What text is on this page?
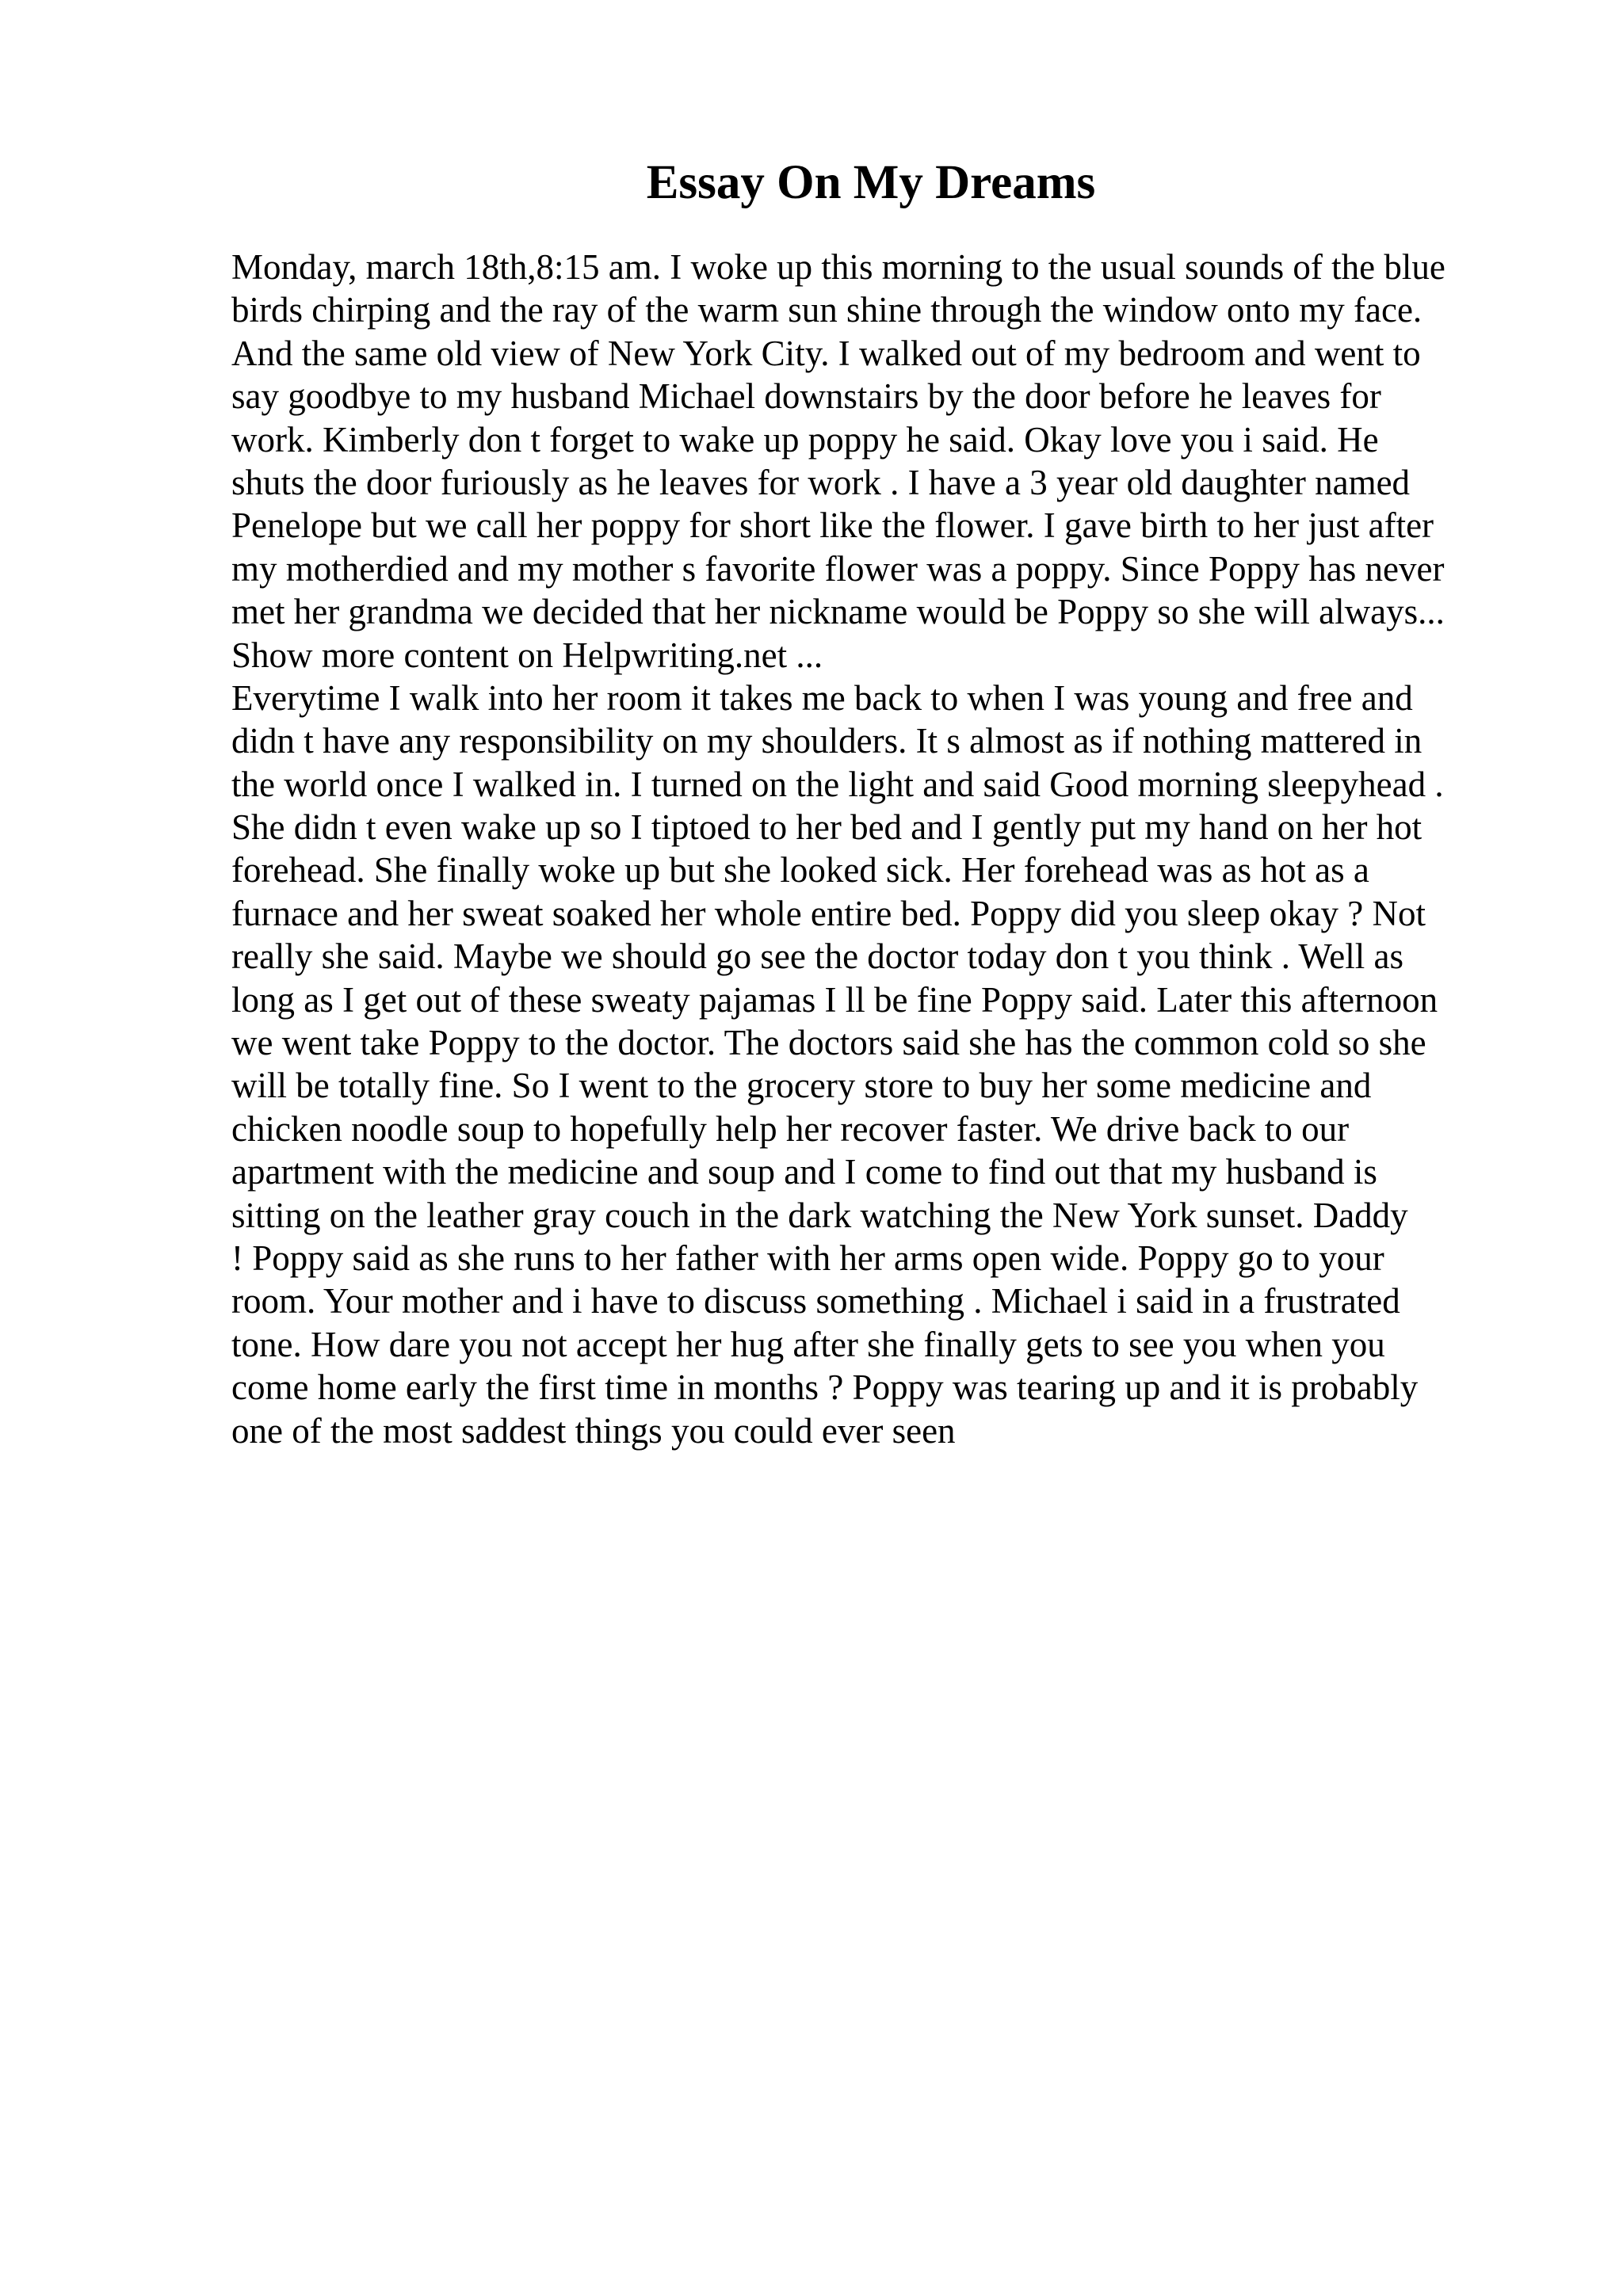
Essay On My Dreams
Monday, march 18th,8:15 am. I woke up this morning to the usual sounds of the blue
birds chirping and the ray of the warm sun shine through the window onto my face.
And the same old view of New York City. I walked out of my bedroom and went to
say goodbye to my husband Michael downstairs by the door before he leaves for
work. Kimberly don t forget to wake up poppy he said. Okay love you i said. He
shuts the door furiously as he leaves for work . I have a 3 year old daughter named
Penelope but we call her poppy for short like the flower. I gave birth to her just after
my motherdied and my mother s favorite flower was a poppy. Since Poppy has never
met her grandma we decided that her nickname would be Poppy so she will always...
Show more content on Helpwriting.net ...
Everytime I walk into her room it takes me back to when I was young and free and
didn t have any responsibility on my shoulders. It s almost as if nothing mattered in
the world once I walked in. I turned on the light and said Good morning sleepyhead .
She didn t even wake up so I tiptoed to her bed and I gently put my hand on her hot
forehead. She finally woke up but she looked sick. Her forehead was as hot as a
furnace and her sweat soaked her whole entire bed. Poppy did you sleep okay ? Not
really she said. Maybe we should go see the doctor today don t you think . Well as
long as I get out of these sweaty pajamas I ll be fine Poppy said. Later this afternoon
we went take Poppy to the doctor. The doctors said she has the common cold so she
will be totally fine. So I went to the grocery store to buy her some medicine and
chicken noodle soup to hopefully help her recover faster. We drive back to our
apartment with the medicine and soup and I come to find out that my husband is
sitting on the leather gray couch in the dark watching the New York sunset. Daddy
! Poppy said as she runs to her father with her arms open wide. Poppy go to your
room. Your mother and i have to discuss something . Michael i said in a frustrated
tone. How dare you not accept her hug after she finally gets to see you when you
come home early the first time in months ? Poppy was tearing up and it is probably
one of the most saddest things you could ever seen
